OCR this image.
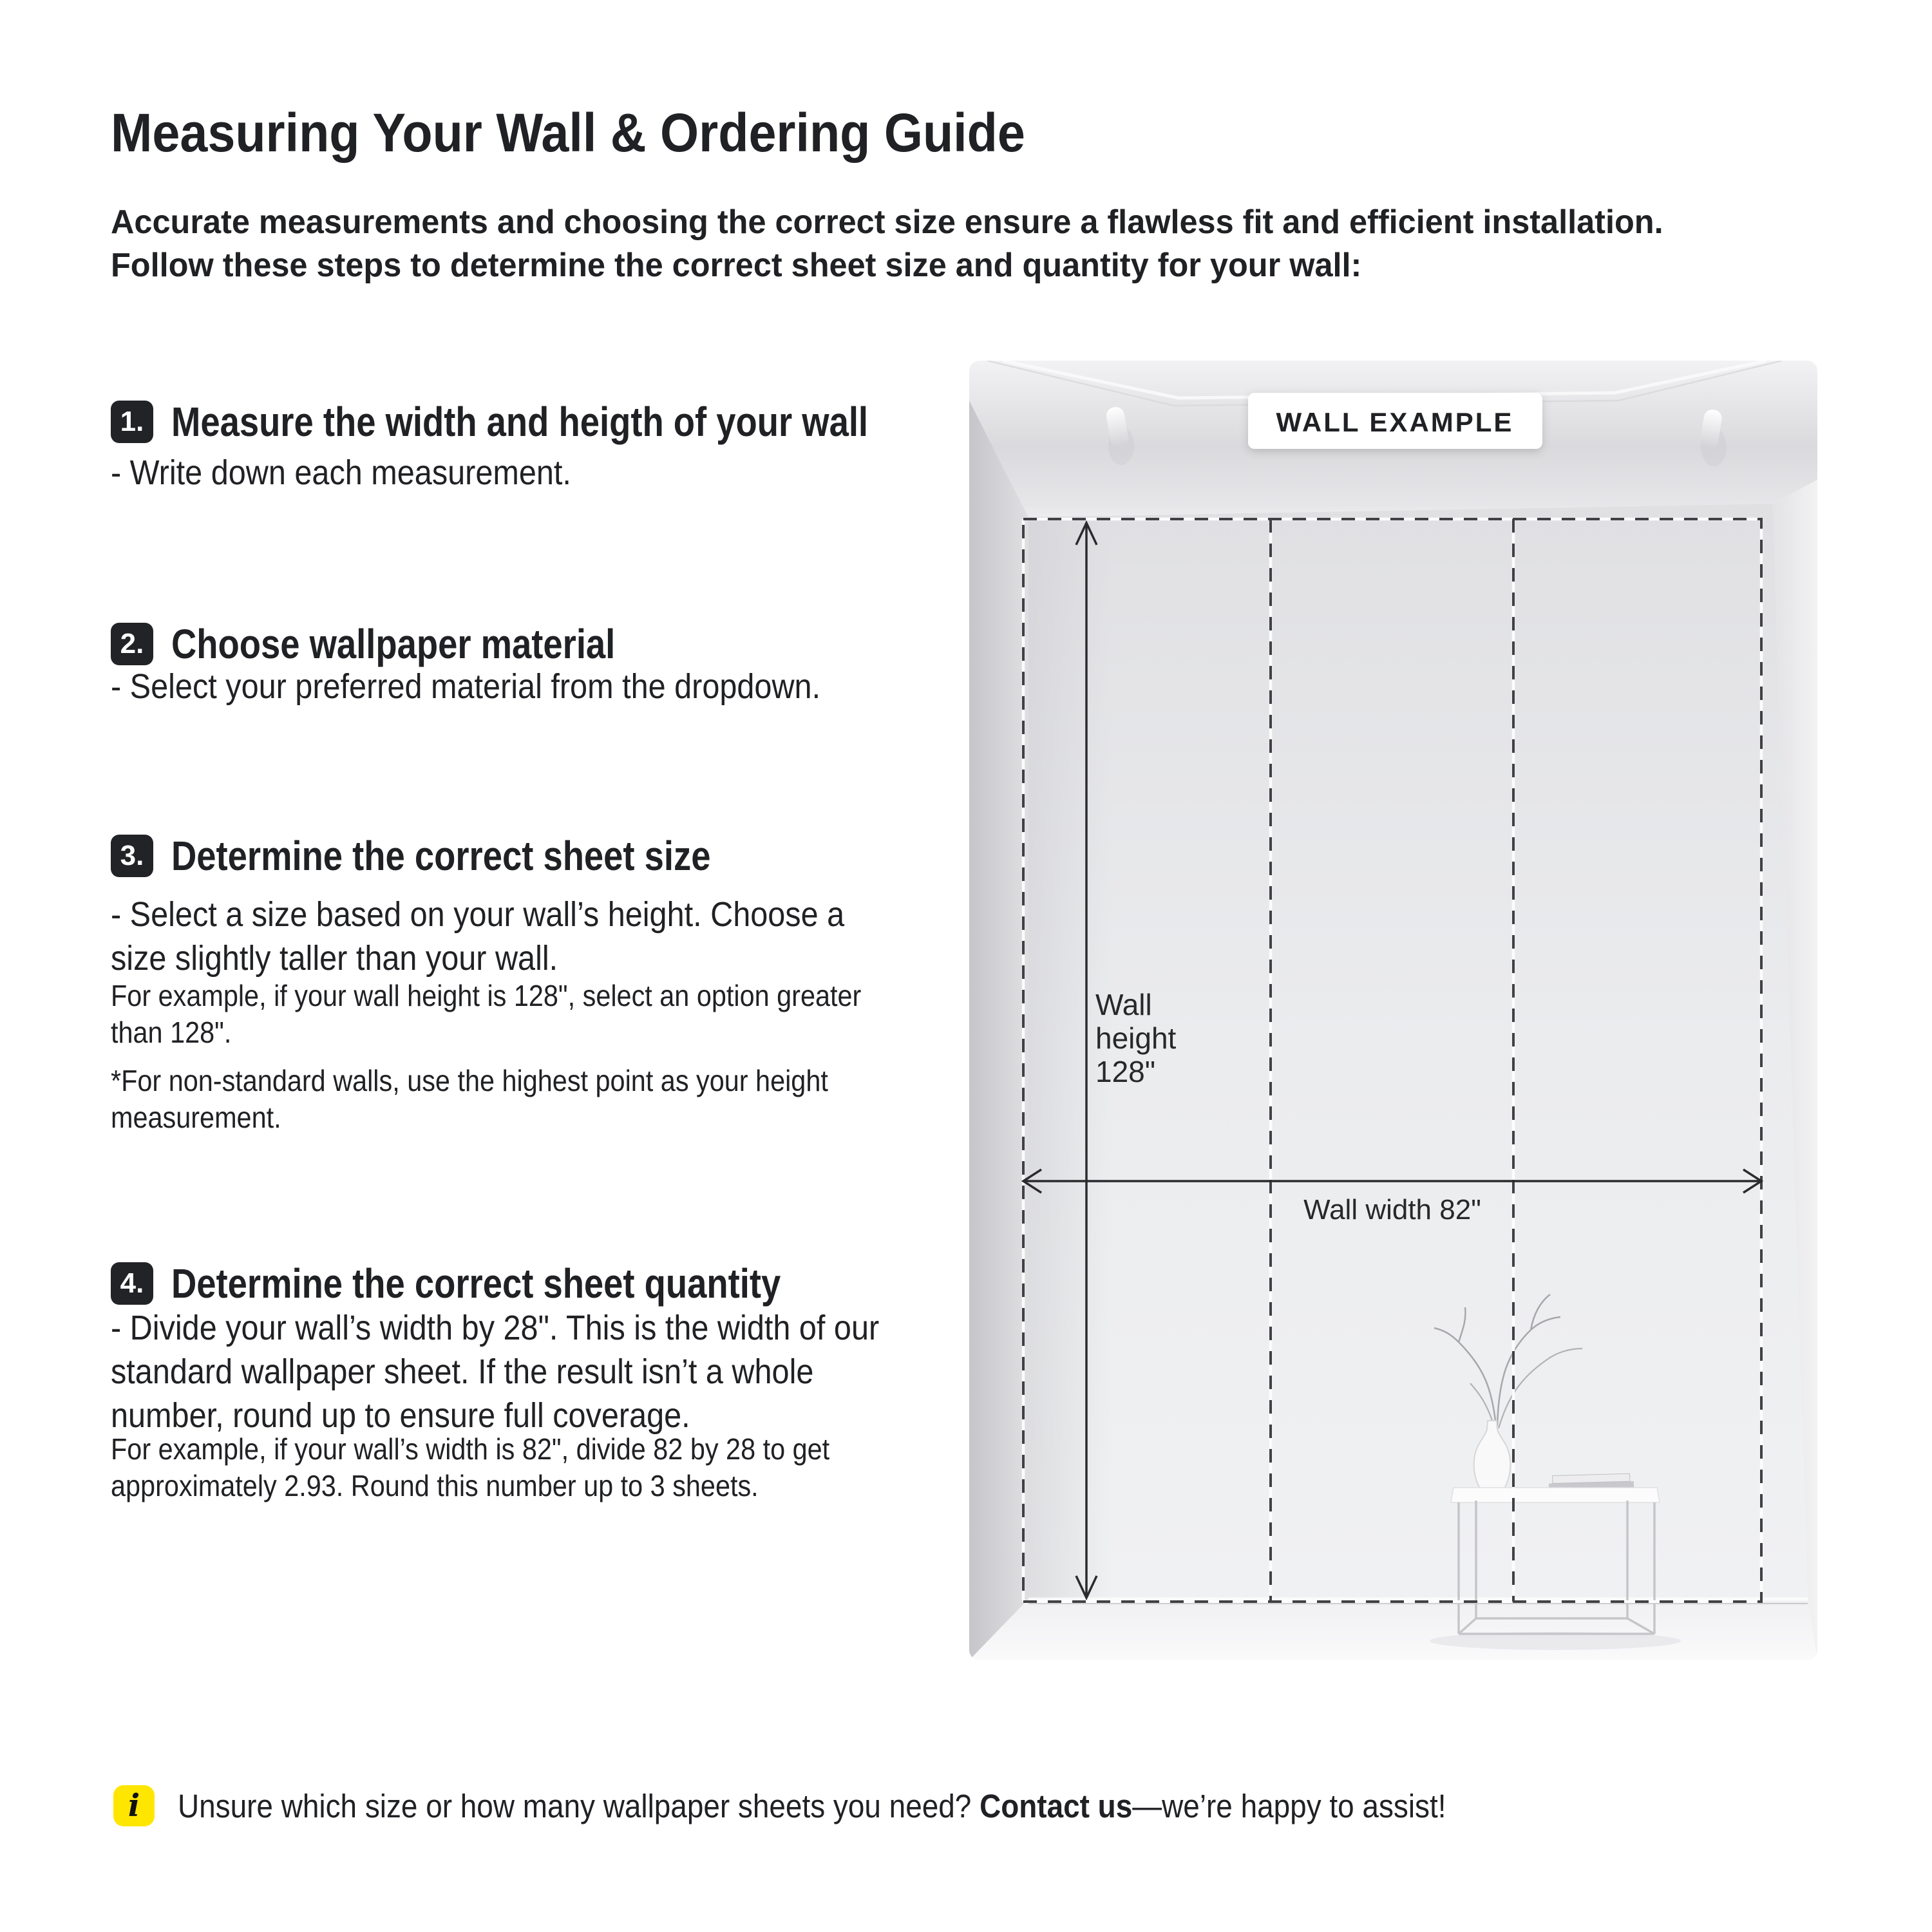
Measuring Your Wall & Ordering Guide
Accurate measurements and choosing the correct size ensure a flawless fit and efficient installation.
Follow these steps to determine the correct sheet size and quantity for your wall:
1. Measure the width and heigth of your wall
- Write down each measurement.
2. Choose wallpaper material
- Select your preferred material from the dropdown.
3. Determine the correct sheet size
- Select a size based on your wall’s height. Choose a
size slightly taller than your wall.
For example, if your wall height is 128", select an option greater
than 128".
*For non-standard walls, use the highest point as your height
measurement.
4. Determine the correct sheet quantity
- Divide your wall’s width by 28". This is the width of our
standard wallpaper sheet. If the result isn’t a whole
number, round up to ensure full coverage.
For example, if your wall’s width is 82", divide 82 by 28 to get
approximately 2.93. Round this number up to 3 sheets.
Wall
height
128"
Wall width 82"
WALL EXAMPLE
i	Unsure which size or how many wallpaper sheets you need? Contact us—we’re happy to assist!
